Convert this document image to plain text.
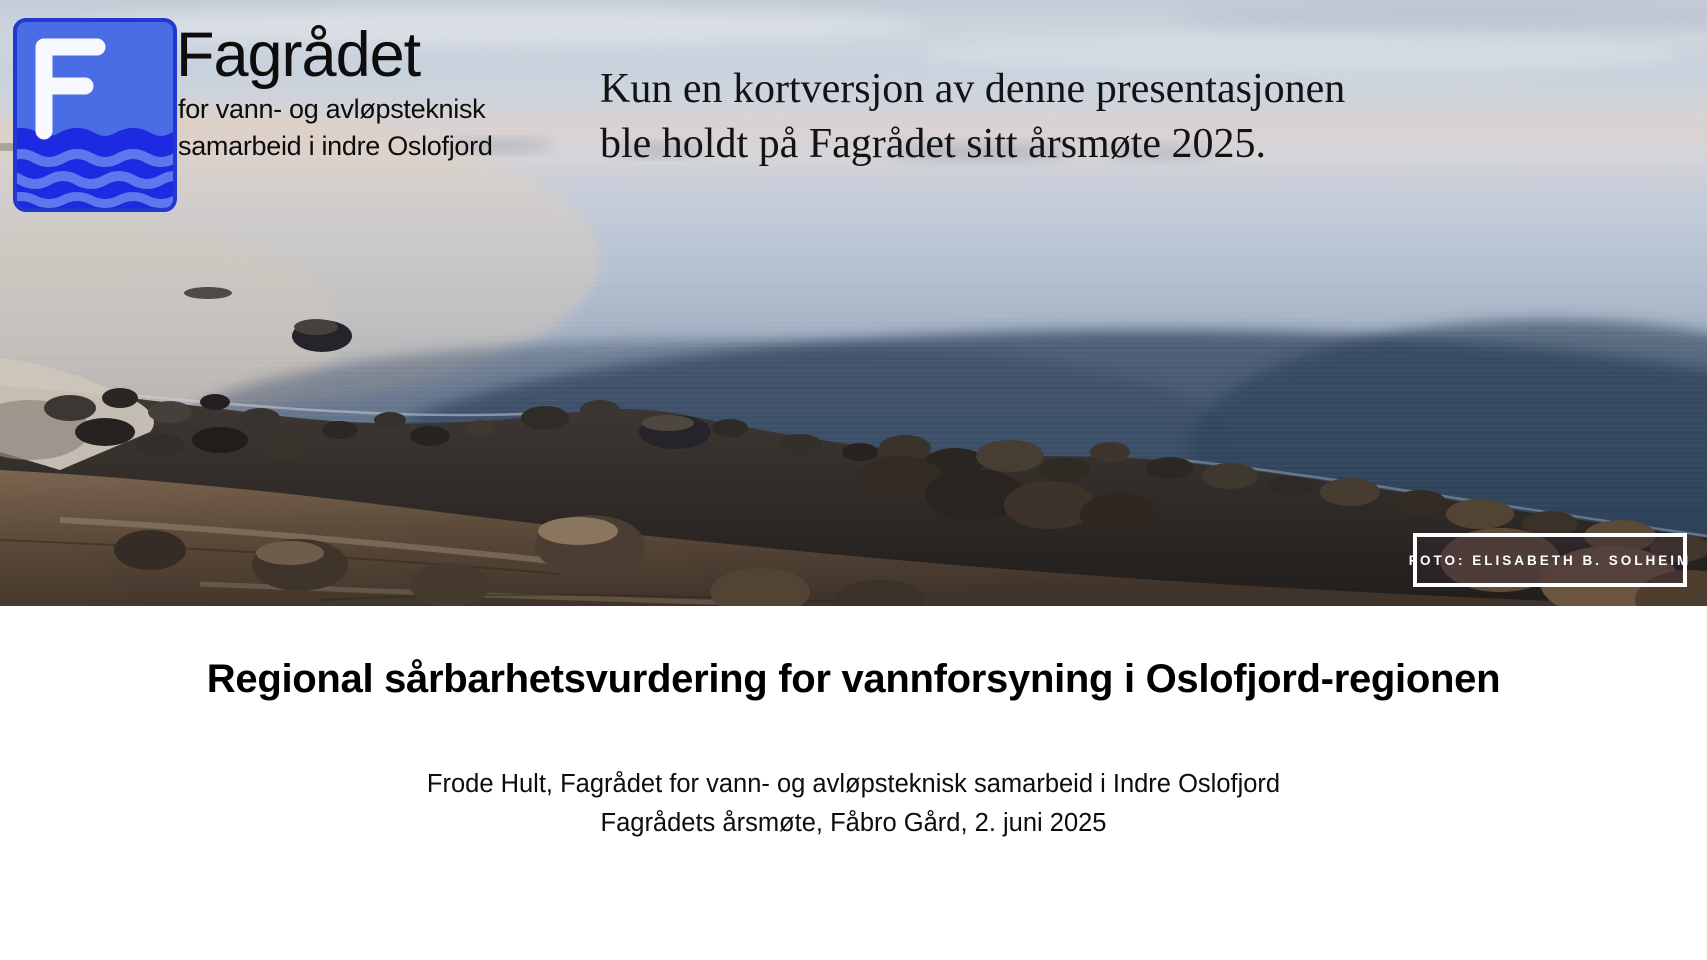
Fagrådet
for vann- og avløpsteknisk
samarbeid i indre Oslofjord
Kun en kortversjon av denne presentasjonen
ble holdt på Fagrådet sitt årsmøte 2025.
FOTO: ELISABETH B. SOLHEIM
Regional sårbarhetsvurdering for vannforsyning i Oslofjord-regionen
Frode Hult, Fagrådet for vann- og avløpsteknisk samarbeid i Indre Oslofjord
Fagrådets årsmøte, Fåbro Gård, 2. juni 2025
